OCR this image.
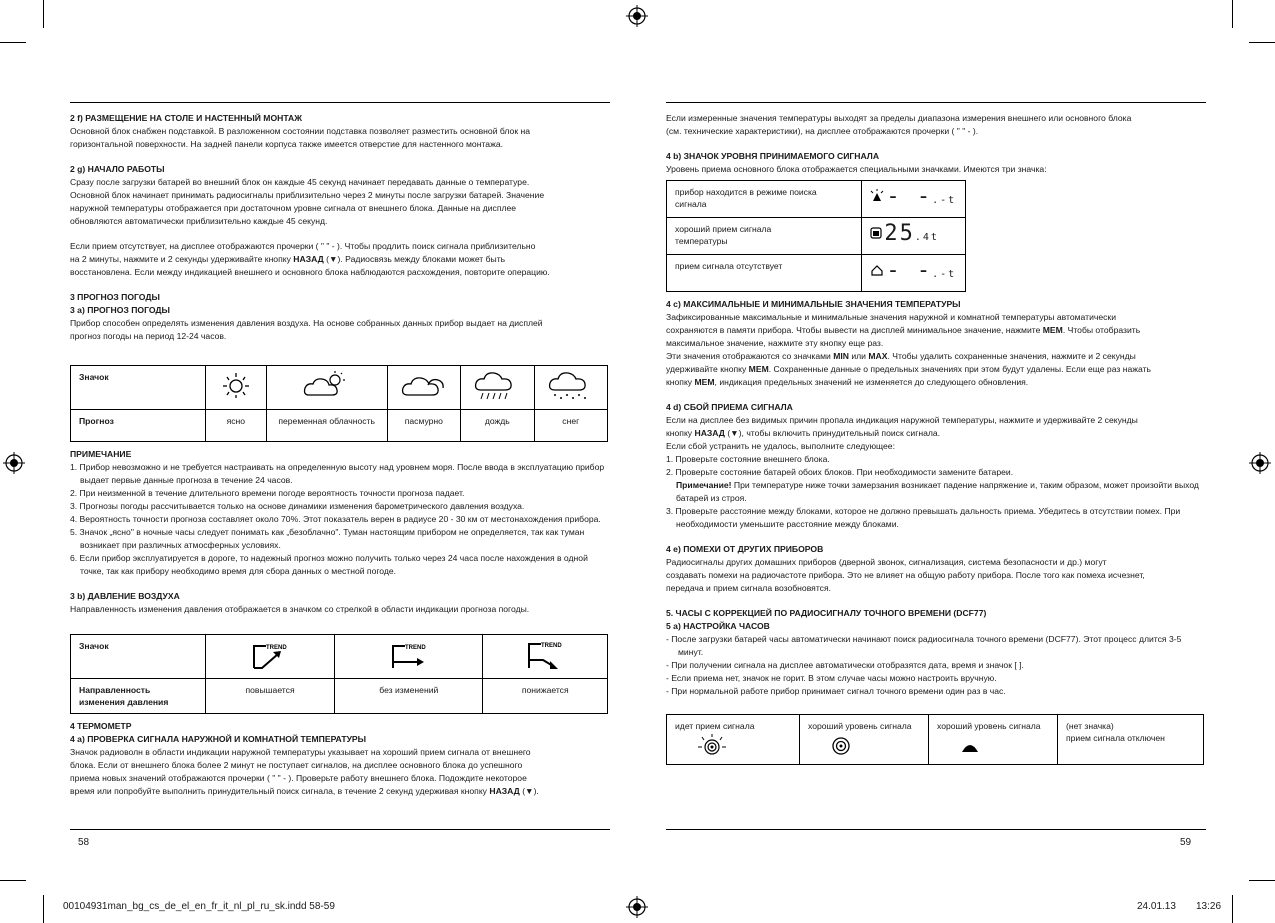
2 f) РАЗМЕЩЕНИЕ НА СТОЛЕ И НАСТЕННЫЙ МОНТАЖ

Основной блок снабжен подставкой. В разложенном состоянии подставка позволяет разместить основной блок на

горизонтальной поверхности. На задней панели корпуса также имеется отверстие для настенного монтажа.

2 g) НАЧАЛО РАБОТЫ

Сразу после загрузки батарей во внешний блок он каждые 45 секунд начинает передавать данные о температуре.

Основной блок начинает принимать радиосигналы приблизительно через 2 минуты после загрузки батарей. Значение

наружной температуры отображается при достаточном уровне сигнала от внешнего блока. Данные на дисплее

обновляются автоматически приблизительно каждые 45 секунд.

Если прием отсутствует, на дисплее отображаются прочерки ( " " - ). Чтобы продлить поиск сигнала приблизительно

на 2 минуты, нажмите и 2 секунды удерживайте кнопку НАЗАД (▼). Радиосвязь между блоками может быть

восстановлена. Если между индикацией внешнего и основного блока наблюдаются расхождения, повторите операцию.

3 ПРОГНОЗ ПОГОДЫ

3 a) ПРОГНОЗ ПОГОДЫ

Прибор способен определять изменения давления воздуха. На основе собранных данных прибор выдает на дисплей

прогноз погоды на период 12-24 часов.

Значок					
Прогноз	ясно	переменная облачность	пасмурно	дождь	снег

ПРИМЕЧАНИЕ

1. Прибор невозможно и не требуется настраивать на определенную высоту над уровнем моря. После ввода в эксплуатацию прибор выдает первые данные прогноза в течение 24 часов.
2. При неизменной в течение длительного времени погоде вероятность точности прогноза падает.
3. Прогнозы погоды рассчитывается только на основе динамики изменения барометрического давления воздуха.
4. Вероятность точности прогноза составляет около 70%. Этот показатель верен в радиусе 20 - 30 км от местонахождения прибора.
5. Значок „ясно" в ночные часы следует понимать как „безоблачно". Туман настоящим прибором не определяется, так как туман возникает при различных атмосферных условиях.
6. Если прибор эксплуатируется в дороге, то надежный прогноз можно получить только через 24 часа после нахождения в одной точке, так как прибору необходимо время для сбора данных о местной погоде.

3 b) ДАВЛЕНИЕ ВОЗДУХА

Направленность изменения давления отображается в значком со стрелкой в области индикации прогноза погоды.

Значок	TREND	TREND	TREND

Направленность
изменения давления	повышается	без изменений	понижается

4 ТЕРМОМЕТР

4 a) ПРОВЕРКА СИГНАЛА НАРУЖНОЙ И КОМНАТНОЙ ТЕМПЕРАТУРЫ

Значок радиоволн в области индикации наружной температуры указывает на хороший прием сигнала от внешнего

блока. Если от внешнего блока более 2 минут не поступает сигналов, на дисплее основного блока до успешного

приема новых значений отображаются прочерки ( " " - ). Проверьте работу внешнего блока. Подождите некоторое

время или попробуйте выполнить принудительный поиск сигнала, в течение 2 секунд удерживая кнопку НАЗАД (▼).

Если измеренные значения температуры выходят за пределы диапазона измерения внешнего или основного блока

(см. технические характеристики), на дисплее отображаются прочерки ( " " - ).

4 b) ЗНАЧОК УРОВНЯ ПРИНИМАЕМОГО СИГНАЛА

Уровень приема основного блока отображается специальными значками. Имеются три значка:

прибор находится в режиме поиска
сигнала	- -.-t
хороший прием сигнала
температуры	25.4t
прием сигнала отсутствует	- -.-t

4 c) МАКСИМАЛЬНЫЕ И МИНИМАЛЬНЫЕ ЗНАЧЕНИЯ ТЕМПЕРАТУРЫ

Зафиксированные максимальные и минимальные значения наружной и комнатной температуры автоматически

сохраняются в памяти прибора. Чтобы вывести на дисплей минимальное значение, нажмите MEM. Чтобы отобразить

максимальное значение, нажмите эту кнопку еще раз.

Эти значения отображаются со значками MIN или MAX. Чтобы удалить сохраненные значения, нажмите и 2 секунды

удерживайте кнопку MEM. Сохраненные данные о предельных значениях при этом будут удалены. Если еще раз нажать

кнопку MEM, индикация предельных значений не изменяется до следующего обновления.

4 d) СБОЙ ПРИЕМА СИГНАЛА

Если на дисплее без видимых причин пропала индикация наружной температуры, нажмите и удерживайте 2 секунды

кнопку НАЗАД (▼), чтобы включить принудительный поиск сигнала.

Если сбой устранить не удалось, выполните следующее:

1. Проверьте состояние внешнего блока.
2. Проверьте состояние батарей обоих блоков. При необходимости замените батареи.
Примечание! При температуре ниже точки замерзания возникает падение напряжение и, таким образом, может произойти выход батарей из строя.
3. Проверьте расстояние между блоками, которое не должно превышать дальность приема. Убедитесь в отсутствии помех. При необходимости уменьшите расстояние между блоками.

4 e) ПОМЕХИ ОТ ДРУГИХ ПРИБОРОВ

Радиосигналы других домашних приборов (дверной звонок, сигнализация, система безопасности и др.) могут

создавать помехи на радиочастоте прибора. Это не влияет на общую работу прибора. После того как помеха исчезнет,

передача и прием сигнала возобновятся.

5. ЧАСЫ С КОРРЕКЦИЕЙ ПО РАДИОСИГНАЛУ ТОЧНОГО ВРЕМЕНИ (DCF77)

5 a) НАСТРОЙКА ЧАСОВ

- После загрузки батарей часы автоматически начинают поиск радиосигнала точного времени (DCF77). Этот процесс длится 3-5 минут.
- При получении сигнала на дисплее автоматически отобразятся дата, время и значок [ ].
- Если приема нет, значок не горит. В этом случае часы можно настроить вручную.
- При нормальной работе прибор принимает сигнал точного времени один раз в час.
идет прием сигнала	хороший уровень сигнала	хороший уровень сигнала	(нет значка)
прием сигнала отключен
58	59
00104931man_bg_cs_de_el_en_fr_it_nl_pl_ru_sk.indd 58-59	24.01.13 13:26
